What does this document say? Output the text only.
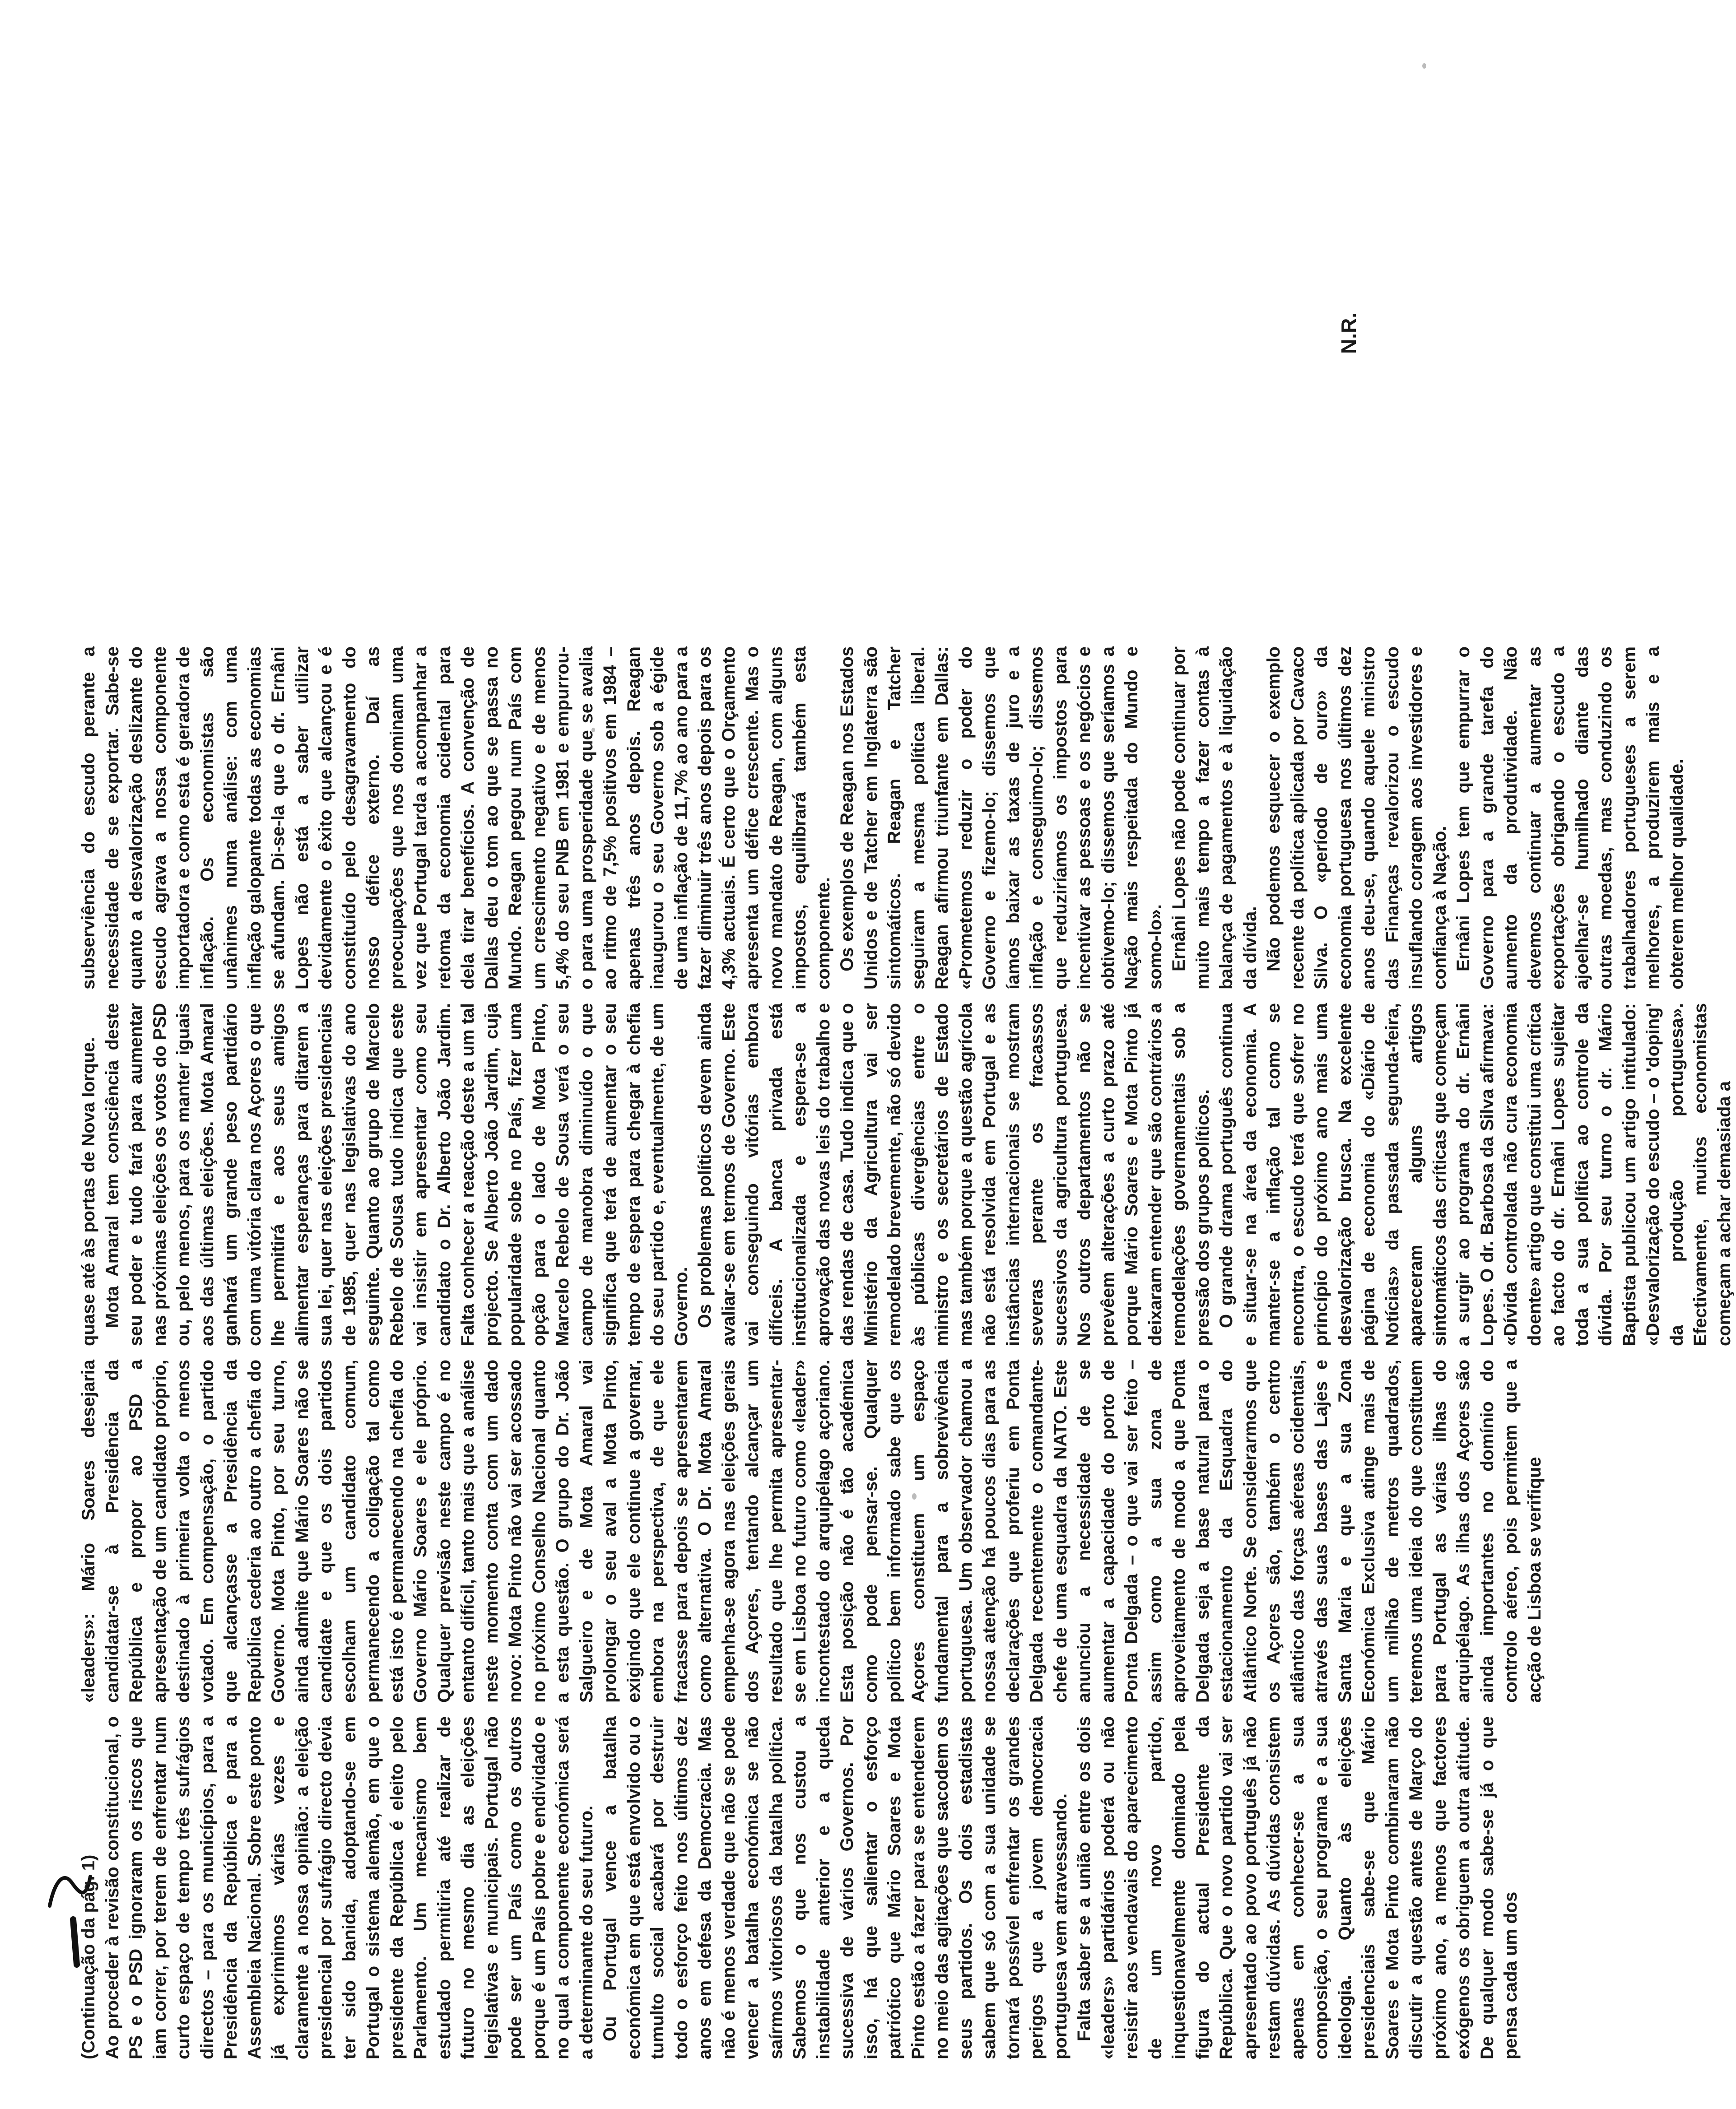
(Continuação da pág. 1) Ao proceder à revisão constitucional, o PS e o PSD ignoraram os riscos que iam correr, por terem de enfrentar num curto espaço de tempo três sufrágios directos – para os municípios, para a Presidência da República e para a Assembleia Nacional. Sobre este ponto já exprimimos várias vezes e claramente a nossa opinião: a eleição presidencial por sufrágio directo devia ter sido banida, adoptando-se em Portugal o sistema alemão, em que o presidente da República é eleito pelo Parlamento. Um mecanismo bem estudado permitiria até realizar de futuro no mesmo dia as eleições legislativas e municipais. Portugal não pode ser um País como os outros porque é um País pobre e endividado e no qual a componente económica será a determinante do seu futuro. Ou Portugal vence a batalha económica em que está envolvido ou o tumulto social acabará por destruir todo o esforço feito nos últimos dez anos em defesa da Democracia. Mas não é menos verdade que não se pode vencer a batalha económica se não saírmos vitoriosos da batalha política. Sabemos o que nos custou a instabilidade anterior e a queda sucessiva de vários Governos. Por isso, há que salientar o esforço patriótico que Mário Soares e Mota Pinto estão a fazer para se entenderem no meio das agitações que sacodem os seus partidos. Os dois estadistas sabem que só com a sua unidade se tornará possível enfrentar os grandes perigos que a jovem democracia portuguesa vem atravessando. Falta saber se a união entre os dois «leaders» partidários poderá ou não resistir aos vendavais do aparecimento de um novo partido, inquestionavelmente dominado pela figura do actual Presidente da República. Que o novo partido vai ser apresentado ao povo português já não restam dúvidas. As dúvidas consistem apenas em conhecer-se a sua composição, o seu programa e a sua ideologia. Quanto às eleições presidenciais sabe-se que Mário Soares e Mota Pinto combinaram não discutir a questão antes de Março do próximo ano, a menos que factores exógenos os obriguem a outra atitude. De qualquer modo sabe-se já o que pensa cada um dos

«leaders»: Mário Soares desejaria candidatar-se à Presidência da República e propor ao PSD a apresentação de um candidato próprio, destinado à primeira volta o menos votado. Em compensação, o partido que alcançasse a Presidência da República cederia ao outro a chefia do Governo. Mota Pinto, por seu turno, ainda admite que Mário Soares não se candidate e que os dois partidos escolham um candidato comum, permanecendo a coligação tal como está isto é permanecendo na chefia do Governo Mário Soares e ele próprio. Qualquer previsão neste campo é no entanto difícil, tanto mais que a análise neste momento conta com um dado novo: Mota Pinto não vai ser acossado no próximo Conselho Nacional quanto a esta questão. O grupo do Dr. João Salgueiro e de Mota Amaral vai prolongar o seu aval a Mota Pinto, exigindo que ele continue a governar, embora na perspectiva, de que ele fracasse para depois se apresentarem como alternativa. O Dr. Mota Amaral empenha-se agora nas eleições gerais dos Açores, tentando alcançar um resultado que lhe permita apresentar-se em Lisboa no futuro como «leader» incontestado do arquipélago açoriano. Esta posição não é tão académica como pode pensar-se. Qualquer político bem informado sabe que os Açores constituem um espaço fundamental para a sobrevivência portuguesa. Um observador chamou a nossa atenção há poucos dias para as declarações que proferiu em Ponta Delgada recentemente o comandante-chefe de uma esquadra da NATO. Este anunciou a necessidade de se aumentar a capacidade do porto de Ponta Delgada – o que vai ser feito – assim como a sua zona de aproveitamento de modo a que Ponta Delgada seja a base natural para o estacionamento da Esquadra do Atlântico Norte. Se considerarmos que os Açores são, também o centro atlântico das forças aéreas ocidentais, através das suas bases das Lajes e Santa Maria e que a sua Zona Económica Exclusiva atinge mais de um milhão de metros quadrados, teremos uma ideia do que constituem para Portugal as várias ilhas do arquipélago. As ilhas dos Açores são ainda importantes no domínio do controlo aéreo, pois permitem que a acção de Lisboa se verifique

quase até às portas de Nova Iorque. Mota Amaral tem consciência deste seu poder e tudo fará para aumentar nas próximas eleições os votos do PSD ou, pelo menos, para os manter iguais aos das últimas eleições. Mota Amaral ganhará um grande peso partidário com uma vitória clara nos Açores o que lhe permitirá e aos seus amigos alimentar esperanças para ditarem a sua lei, quer nas eleições presidenciais de 1985, quer nas legislativas do ano seguinte. Quanto ao grupo de Marcelo Rebelo de Sousa tudo indica que este vai insistir em apresentar como seu candidato o Dr. Alberto João Jardim. Falta conhecer a reacção deste a um tal projecto. Se Alberto João Jardim, cuja popularidade sobe no País, fizer uma opção para o lado de Mota Pinto, Marcelo Rebelo de Sousa verá o seu campo de manobra diminuído o que significa que terá de aumentar o seu tempo de espera para chegar à chefia do seu partido e, eventualmente, de um Governo. Os problemas políticos devem ainda avaliar-se em termos de Governo. Este vai conseguindo vitórias embora difíceis. A banca privada está institucionalizada e espera-se a aprovação das novas leis do trabalho e das rendas de casa. Tudo indica que o Ministério da Agricultura vai ser remodelado brevemente, não só devido às públicas divergências entre o ministro e os secretários de Estado mas também porque a questão agrícola não está resolvida em Portugal e as instâncias internacionais se mostram severas perante os fracassos sucessivos da agricultura portuguesa. Nos outros departamentos não se prevêem alterações a curto prazo até porque Mário Soares e Mota Pinto já deixaram entender que são contrários a remodelações governamentais sob a pressão dos grupos políticos. O grande drama português continua e situar-se na área da economia. A manter-se a inflação tal como se encontra, o escudo terá que sofrer no princípio do próximo ano mais uma desvalorização brusca. Na excelente página de economia do «Diário de Notícias» da passada segunda-feira, apareceram alguns artigos sintomáticos das críticas que começam a surgir ao programa do dr. Ernâni Lopes. O dr. Barbosa da Silva afirmava: «Dívida controlada não cura economia doente» artigo que constitui uma crítica ao facto do dr. Ernâni Lopes sujeitar toda a sua política ao controle da dívida. Por seu turno o dr. Mário Baptista publicou um artigo intitulado: «Desvalorização do escudo – o 'doping' da produção portuguesa». Efectivamente, muitos economistas começam a achar demasiada a

subserviência do escudo perante a necessidade de se exportar. Sabe-se quanto a desvalorização deslizante do escudo agrava a nossa componente importadora e como esta é geradora de inflação. Os economistas são unânimes numa análise: com uma inflação galopante todas as economias se afundam. Di-se-la que o dr. Ernâni Lopes não está a saber utilizar devidamente o êxito que alcançou e é constituído pelo desagravamento do nosso défice externo. Daí as preocupações que nos dominam uma vez que Portugal tarda a acompanhar a retoma da economia ocidental para dela tirar benefícios. A convenção de Dallas deu o tom ao que se passa no Mundo. Reagan pegou num País com um crescimento negativo e de menos 5,4% do seu PNB em 1981 e empurrou-o para uma prosperidade que se avalia ao ritmo de 7,5% positivos em 1984 – apenas três anos depois. Reagan inaugurou o seu Governo sob a égide de uma inflação de 11,7% ao ano para a fazer diminuir três anos depois para os 4,3% actuais. É certo que o Orçamento apresenta um défice crescente. Mas o novo mandato de Reagan, com alguns impostos, equilibrará também esta componente. Os exemplos de Reagan nos Estados Unidos e de Tatcher em Inglaterra são sintomáticos. Reagan e Tatcher seguiram a mesma política liberal. Reagan afirmou triunfante em Dallas: «Prometemos reduzir o poder do Governo e fizemo-lo; dissemos que íamos baixar as taxas de juro e a inflação e conseguimo-lo; dissemos que reduziríamos os impostos para incentivar as pessoas e os negócios e obtivemo-lo; dissemos que seríamos a Nação mais respeitada do Mundo e somo-lo». Ernâni Lopes não pode continuar por muito mais tempo a fazer contas à balança de pagamentos e à liquidação da dívida. Não podemos esquecer o exemplo recente da política aplicada por Cavaco Silva. O «período de ouro» da economia portuguesa nos últimos dez anos deu-se, quando aquele ministro das Finanças revalorizou o escudo insuflando coragem aos investidores e confiança à Nação. Ernâni Lopes tem que empurrar o Governo para a grande tarefa do aumento da produtividade. Não devemos continuar a aumentar as exportações obrigando o escudo a ajoelhar-se humilhado diante das outras moedas, mas conduzindo os trabalhadores portugueses a serem melhores, a produzirem mais e a obterem melhor qualidade.

N.R.
